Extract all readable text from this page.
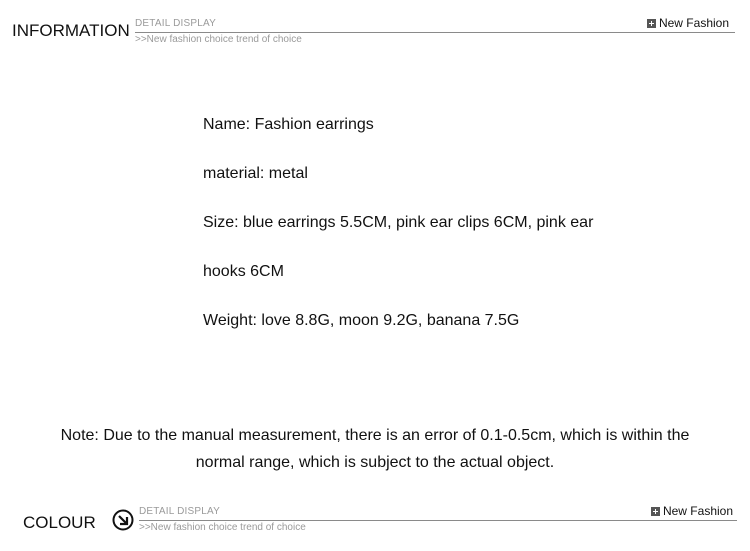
INFORMATION DETAIL DISPLAY
>>New fashion choice trend of choice
New Fashion
Name: Fashion earrings
material: metal
Size: blue earrings 5.5CM, pink ear clips 6CM, pink ear
hooks 6CM
Weight: love 8.8G, moon 9.2G, banana 7.5G
Note: Due to the manual measurement, there is an error of 0.1-0.5cm, which is within the
normal range, which is subject to the actual object.
COLOUR
DETAIL DISPLAY
>>New fashion choice trend of choice
New Fashion
